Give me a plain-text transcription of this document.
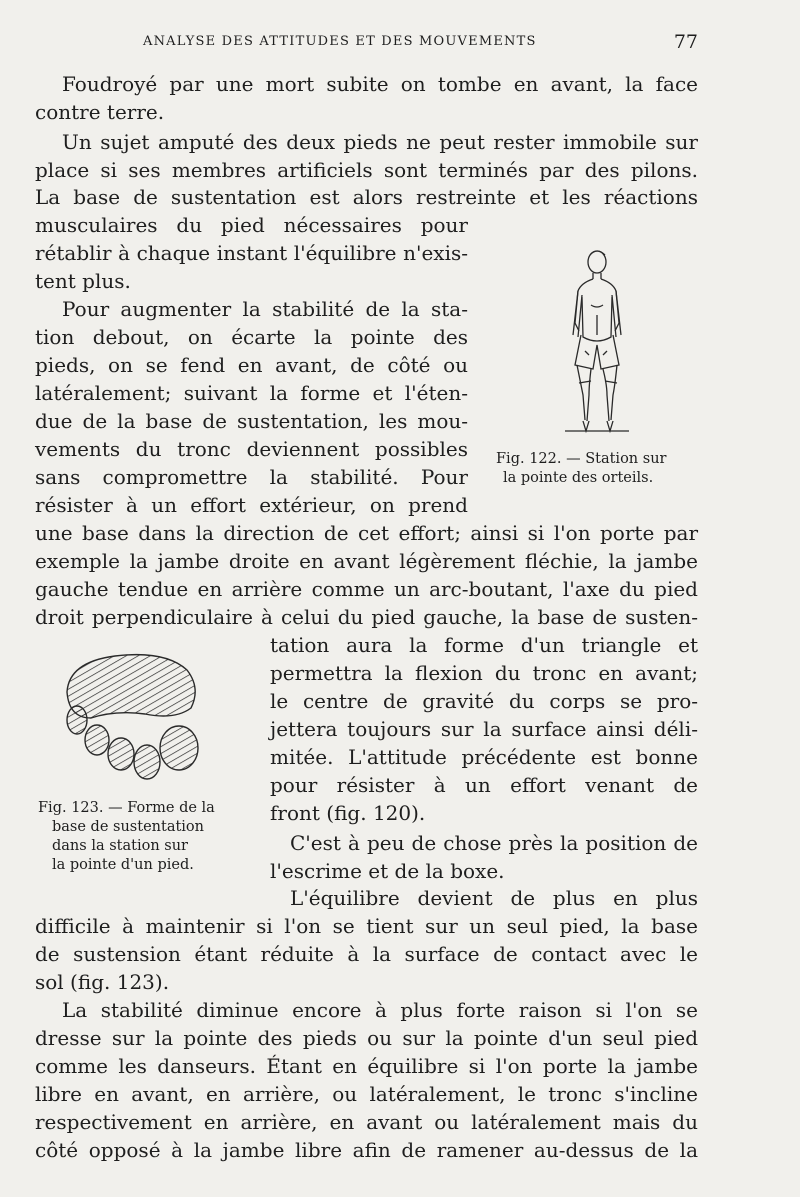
ANALYSE DES ATTITUDES ET DES MOUVEMENTS	77
Foudroyé par une mort subite on tombe en avant, la face
contre terre.
Un sujet amputé des deux pieds ne peut rester immobile sur
place si ses membres artificiels sont terminés par des pilons.
La base de sustentation est alors restreinte et les réactions
musculaires du pied nécessaires pour
rétablir à chaque instant l'équilibre n'exis-
tent plus.
Pour augmenter la stabilité de la sta-
tion debout, on écarte la pointe des
pieds, on se fend en avant, de côté ou
latéralement; suivant la forme et l'éten-
due de la base de sustentation, les mou-
vements du tronc deviennent possibles
sans compromettre la stabilité. Pour
résister à un effort extérieur, on prend
une base dans la direction de cet effort; ainsi si l'on porte par
exemple la jambe droite en avant légèrement fléchie, la jambe
gauche tendue en arrière comme un arc-boutant, l'axe du pied
droit perpendiculaire à celui du pied gauche, la base de susten-
tation aura la forme d'un triangle et
permettra la flexion du tronc en avant;
le centre de gravité du corps se pro-
jettera toujours sur la surface ainsi déli-
mitée. L'attitude précédente est bonne
pour résister à un effort venant de
front (fig. 120).
C'est à peu de chose près la position de
l'escrime et de la boxe.
L'équilibre devient de plus en plus
difficile à maintenir si l'on se tient sur un seul pied, la base
de sustension étant réduite à la surface de contact avec le
sol (fig. 123).
La stabilité diminue encore à plus forte raison si l'on se
dresse sur la pointe des pieds ou sur la pointe d'un seul pied
comme les danseurs. Étant en équilibre si l'on porte la jambe
libre en avant, en arrière, ou latéralement, le tronc s'incline
respectivement en arrière, en avant ou latéralement mais du
côté opposé à la jambe libre afin de ramener au-dessus de la
Fig. 122. — Station sur
la pointe des orteils.
Fig. 123. — Forme de la
base de sustentation
dans la station sur
la pointe d'un pied.
